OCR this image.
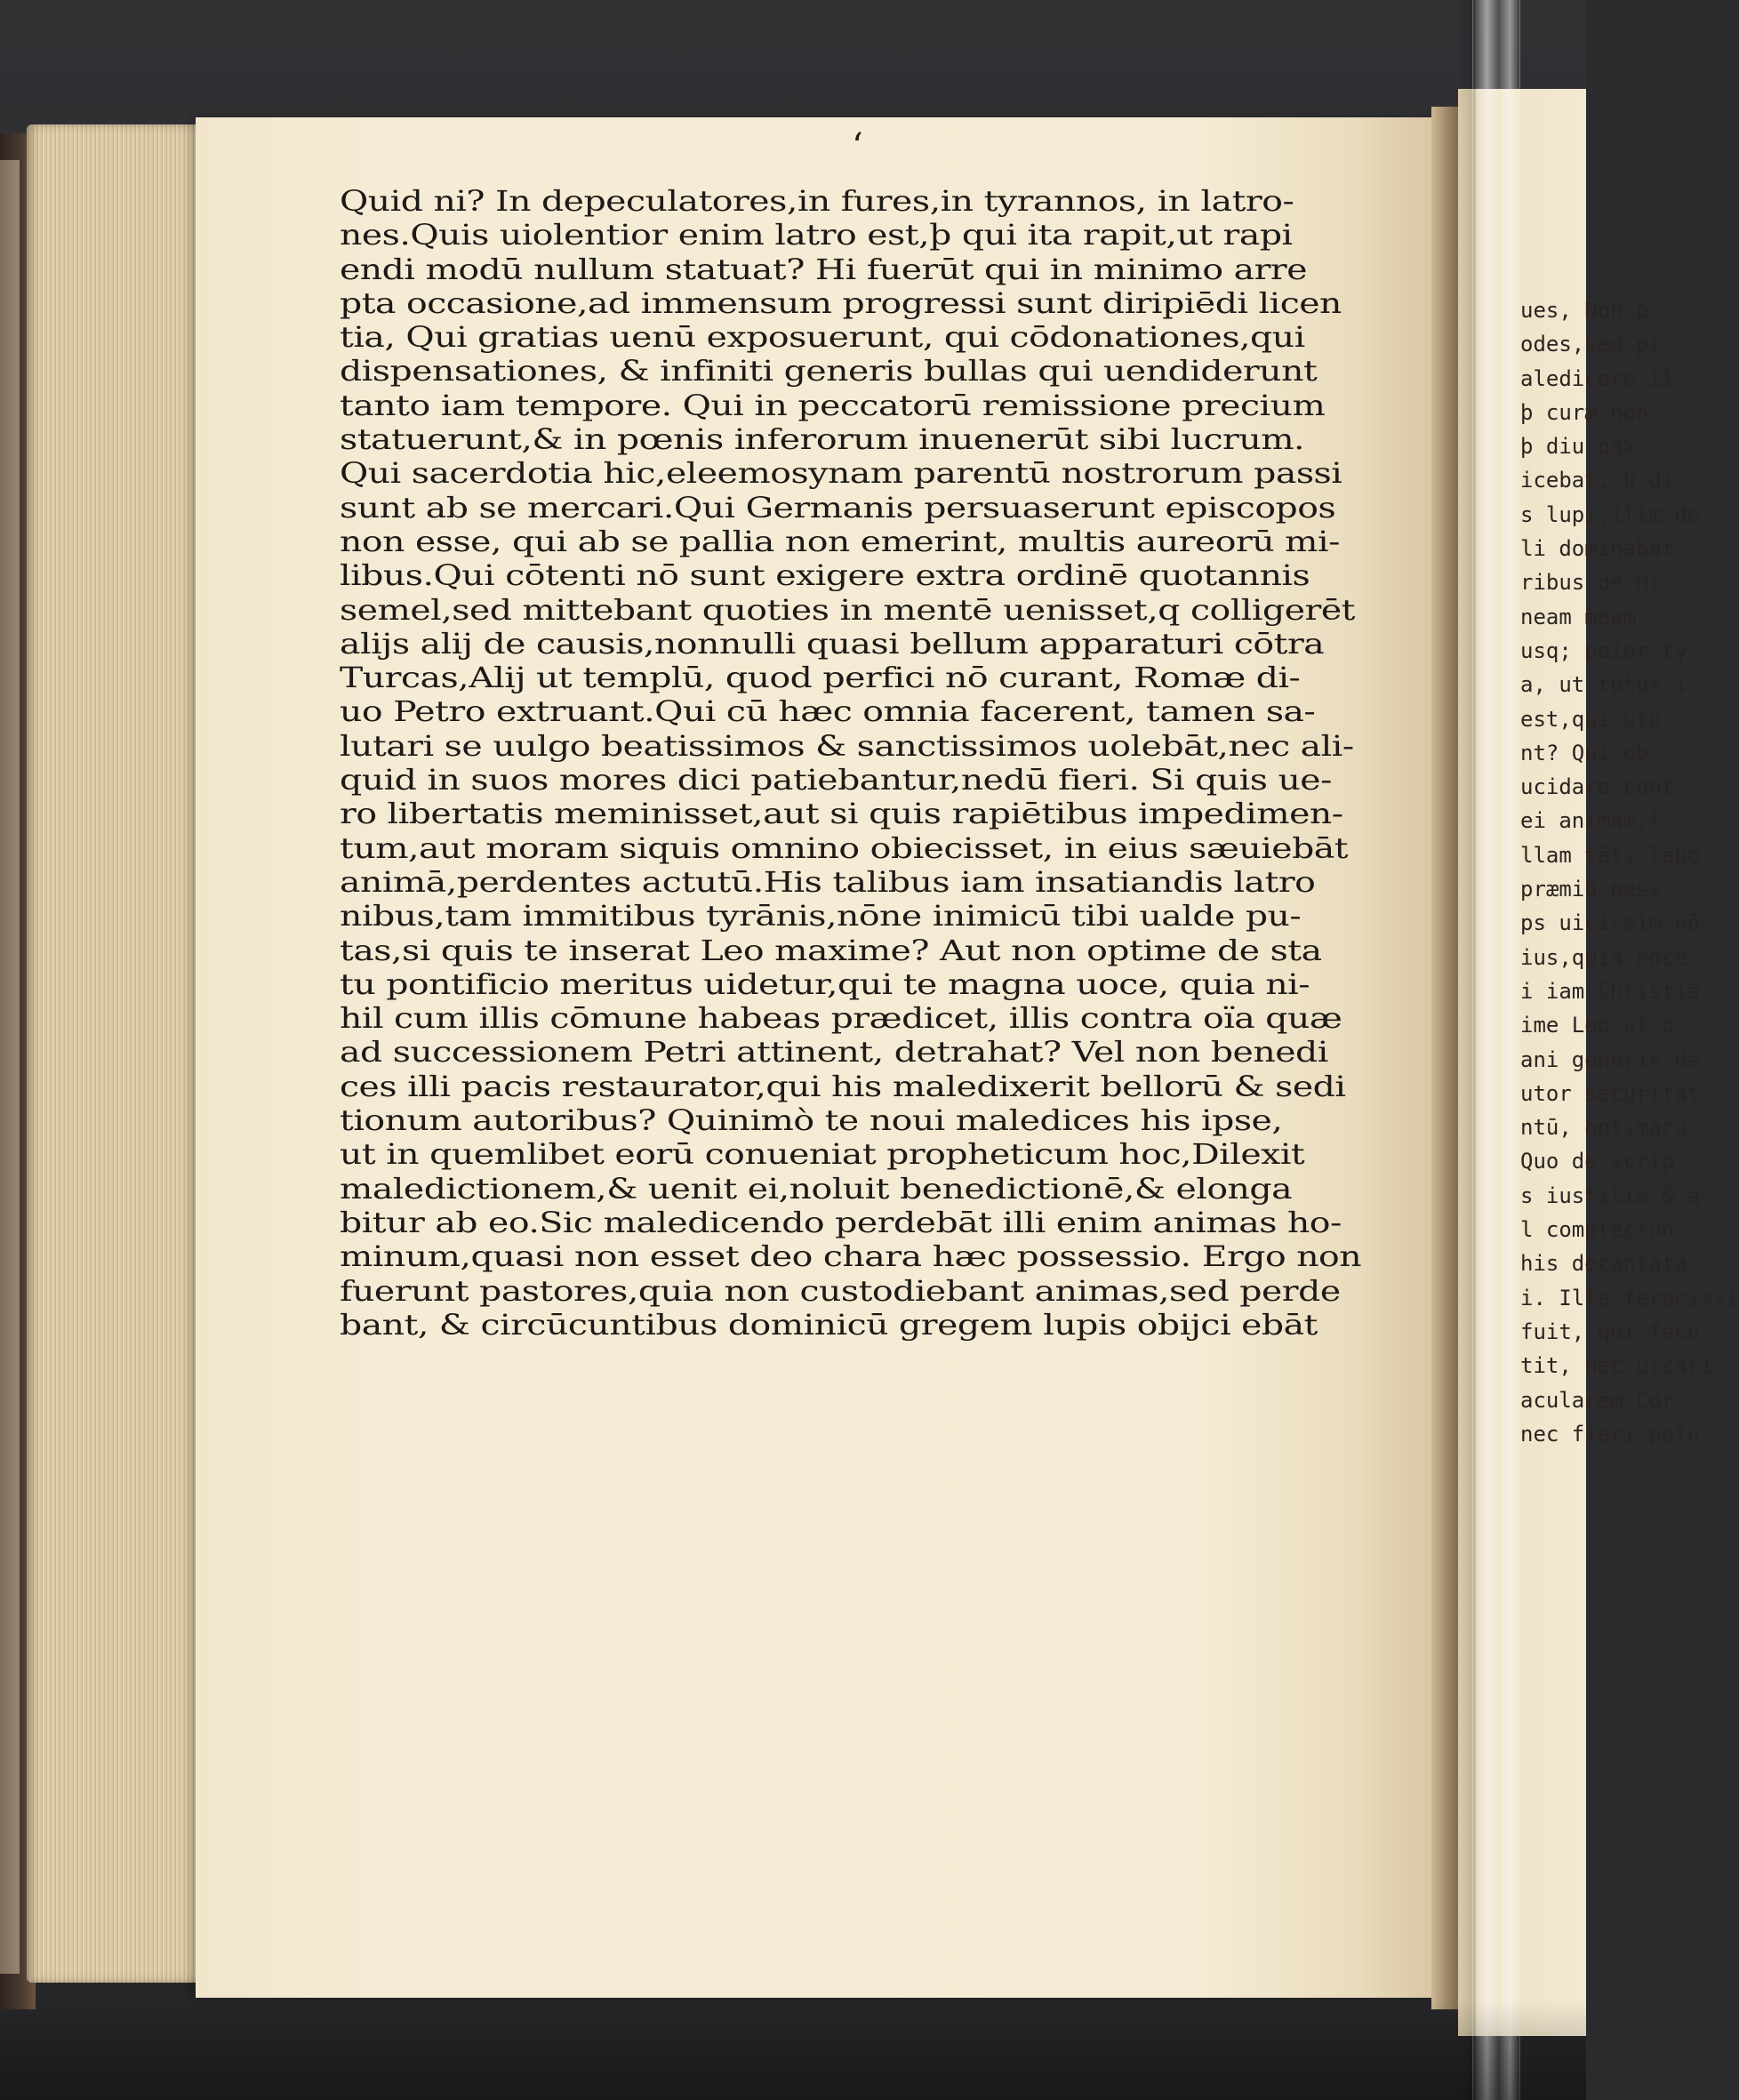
‘
Quid ni? In depeculatores,in fures,in tyrannos, in latro-
nes.Quis uiolentior enim latro est,þ qui ita rapit,ut rapi
endi modū nullum statuat? Hi fuerūt qui in minimo arre
pta occasione,ad immensum progressi sunt diripiēdi licen
tia, Qui gratias uenū exposuerunt, qui cōdonationes,qui
dispensationes, & infiniti generis bullas qui uendiderunt
tanto iam tempore. Qui in peccatorū remissione precium
statuerunt,& in pœnis inferorum inuenerūt sibi lucrum.
Qui sacerdotia hic,eleemosynam parentū nostrorum passi
sunt ab se mercari.Qui Germanis persuaserunt episcopos
non esse, qui ab se pallia non emerint, multis aureorū mi-
libus.Qui cōtenti nō sunt exigere extra ordinē quotannis
semel,sed mittebant quoties in mentē uenisset,q colligerēt
alijs alij de causis,nonnulli quasi bellum apparaturi cōtra
Turcas,Alij ut templū, quod perfici nō curant, Romæ di-
uo Petro extruant.Qui cū hæc omnia facerent, tamen sa-
lutari se uulgo beatissimos & sanctissimos uolebāt,nec ali-
quid in suos mores dici patiebantur,nedū fieri. Si quis ue-
ro libertatis meminisset,aut si quis rapiētibus impedimen-
tum,aut moram siquis omnino obiecisset, in eius sæuiebāt
animā,perdentes actutū.His talibus iam insatiandis latro
nibus,tam immitibus tyrānis,nōne inimicū tibi ualde pu-
tas,si quis te inserat Leo maxime? Aut non optime de sta
tu pontificio meritus uidetur,qui te magna uoce, quia ni-
hil cum illis cōmune habeas prædicet, illis contra oïa quæ
ad successionem Petri attinent, detrahat? Vel non benedi
ces illi pacis restaurator,qui his maledixerit bellorū & sedi
tionum autoribus? Quinimò te noui maledices his ipse,
ut in quemlibet eorū conueniat propheticum hoc,Dilexit
maledictionem,& uenit ei,noluit benedictionē,& elonga
bitur ab eo.Sic maledicendo perdebāt illi enim animas ho-
minum,quasi non esset deo chara hæc possessio. Ergo non
fuerunt pastores,quia non custodiebant animas,sed perde
bant, & circūcuntibus dominicū gregem lupis obijci ebāt
ues, Non p
odes,sed pi
aledicere il
þ curæ non
þ diu pax
icebat, þ di
s lupi,illæ de
li dominabat
ribus de Hi
neam meam
usq; peior ty
a, ut tutus i
est,qui uto
nt? Qui ob
ucidare cont
ei animam,f
llam tāti labo
præmiū pess
ps uicissim nō
ius,quia noce
i iam Christia
ime Leo,ut o
ani generis de
utor securitat
ntū, optimarū
Quo de scrip
s iustitia & a
l complectun
his decantata
i. Illa ferocissi
fuit, qui fecu
tit, nec uicari
acularem Cor
nec fieri potu
